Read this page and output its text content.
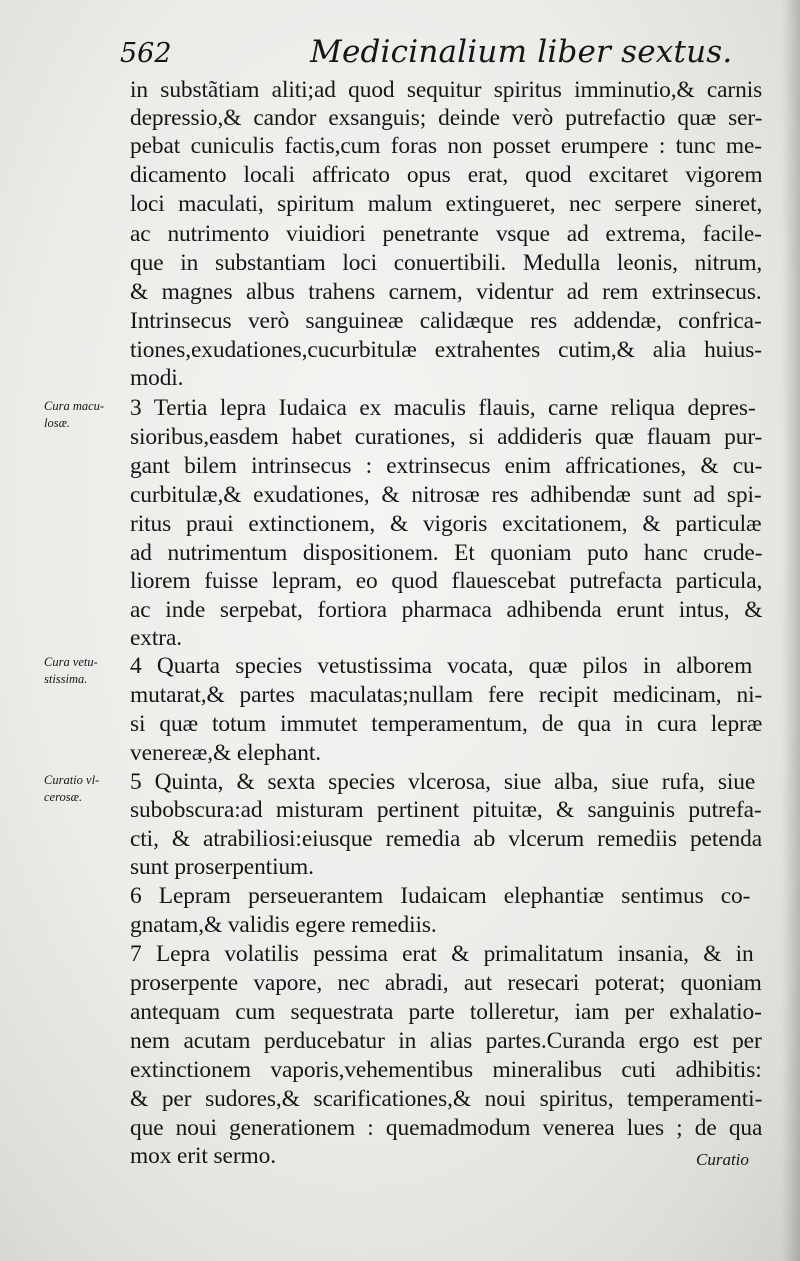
562	Medicinalium liber sextus.
Cura macu-
losæ.
Cura vetu-
stissima.
Curatio vl-
cerosæ.
in substãtiam aliti;ad quod sequitur spiritus imminutio,& carnis
depressio,& candor exsanguis; deinde verò putrefactio quæ ser-
pebat cuniculis factis,cum foras non posset erumpere : tunc me-
dicamento locali affricato opus erat, quod excitaret vigorem
loci maculati, spiritum malum extingueret, nec serpere sineret,
ac nutrimento viuidiori penetrante vsque ad extrema, facile-
que in substantiam loci conuertibili. Medulla leonis, nitrum,
& magnes albus trahens carnem, videntur ad rem extrinsecus.
Intrinsecus verò sanguineæ calidæque res addendæ, confrica-
tiones,exudationes,cucurbitulæ extrahentes cutim,& alia huius-
modi.
3 Tertia lepra Iudaica ex maculis flauis, carne reliqua depres-
sioribus,easdem habet curationes, si addideris quæ flauam pur-
gant bilem intrinsecus : extrinsecus enim affricationes, & cu-
curbitulæ,& exudationes, & nitrosæ res adhibendæ sunt ad spi-
ritus praui extinctionem, & vigoris excitationem, & particulæ
ad nutrimentum dispositionem. Et quoniam puto hanc crude-
liorem fuisse lepram, eo quod flauescebat putrefacta particula,
ac inde serpebat, fortiora pharmaca adhibenda erunt intus, &
extra.
4 Quarta species vetustissima vocata, quæ pilos in alborem
mutarat,& partes maculatas;nullam fere recipit medicinam, ni-
si quæ totum immutet temperamentum, de qua in cura lepræ
venereæ,& elephant.
5 Quinta, & sexta species vlcerosa, siue alba, siue rufa, siue
subobscura:ad misturam pertinent pituitæ, & sanguinis putrefa-
cti, & atrabiliosi:eiusque remedia ab vlcerum remediis petenda
sunt proserpentium.
6 Lepram perseuerantem Iudaicam elephantiæ sentimus co-
gnatam,& validis egere remediis.
7 Lepra volatilis pessima erat & primalitatum insania, & in
proserpente vapore, nec abradi, aut resecari poterat; quoniam
antequam cum sequestrata parte tolleretur, iam per exhalatio-
nem acutam perducebatur in alias partes.Curanda ergo est per
extinctionem vaporis,vehementibus mineralibus cuti adhibitis:
& per sudores,& scarificationes,& noui spiritus, temperamenti-
que noui generationem : quemadmodum venerea lues ; de qua
mox erit sermo.	Curatio
